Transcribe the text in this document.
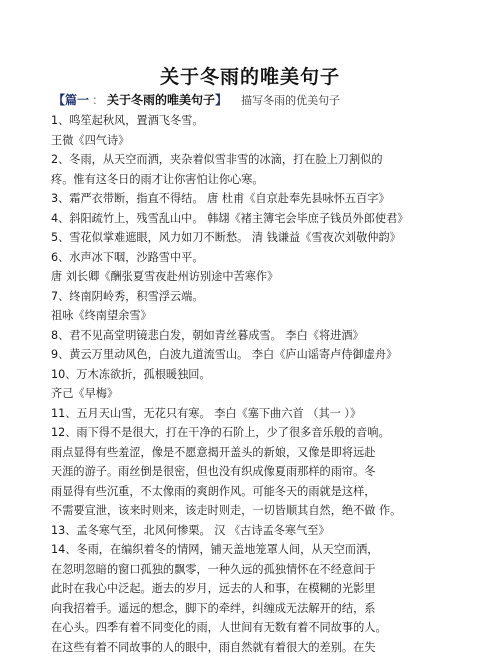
关于冬雨的唯美句子
【篇一 ： 关于冬雨的唯美句子】 描写冬雨的优美句子
1、鸣笙起秋风，置酒飞冬雪。
王微《四气诗》
2、冬雨，从天空而洒，夹杂着似雪非雪的冰滴，打在脸上刀割似的
疼。惟有这冬日的雨才让你害怕让你心寒。
3、霜严衣带断，指直不得结。 唐 杜甫《自京赴奉先县咏怀五百字》
4、斜阳疏竹上，残雪乱山中。 韩翃《褚主簿宅会毕庶子钱员外郎使君》
5、雪花似掌难遮眼，风力如刀不断愁。 清 钱谦益《雪夜次刘敬仲韵》
6、水声冰下咽，沙路雪中平。
唐 刘长卿《酬张夏雪夜赴州访别途中苦寒作》
7、终南阴岭秀，积雪浮云端。
祖咏《终南望余雪》
8、君不见高堂明镜悲白发，朝如青丝暮成雪。 李白《将进酒》
9、黄云万里动风色，白波九道流雪山。 李白《庐山谣寄卢侍御虚舟》
10、万木冻欲折，孤根暖独回。
齐己《早梅》
11、五月天山雪，无花只有寒。 李白《塞下曲六首 （其一 ）》
12、雨下得不是很大，打在干净的石阶上，少了很多音乐般的音响。
雨点显得有些羞涩，像是不愿意揭开盖头的新娘，又像是即将远赴
天涯的游子。雨丝倒是很密，但也没有织成像夏雨那样的雨帘。冬
雨显得有些沉重，不太像雨的爽朗作风。可能冬天的雨就是这样，
不需要宣泄，该来时则来，该走时则走，一切皆顺其自然，绝不做 作。
13、孟冬寒气至，北风何惨栗。 汉 《古诗孟冬寒气至》
14、冬雨，在编织着冬的情网，铺天盖地笼罩人间，从天空而洒，
在忽明忽暗的窗口孤独的飘零，一种久远的孤独情怀在不经意间于
此时在我心中泛起。逝去的岁月，远去的人和事，在模糊的光影里
向我招着手。遥远的想念，脚下的牵绊，纠缠成无法解开的结，系
在心头。四季有着不同变化的雨，人世间有无数有着不同故事的人。
在这些有着不同故事的人的眼中，雨自然就有着很大的差别。在失
